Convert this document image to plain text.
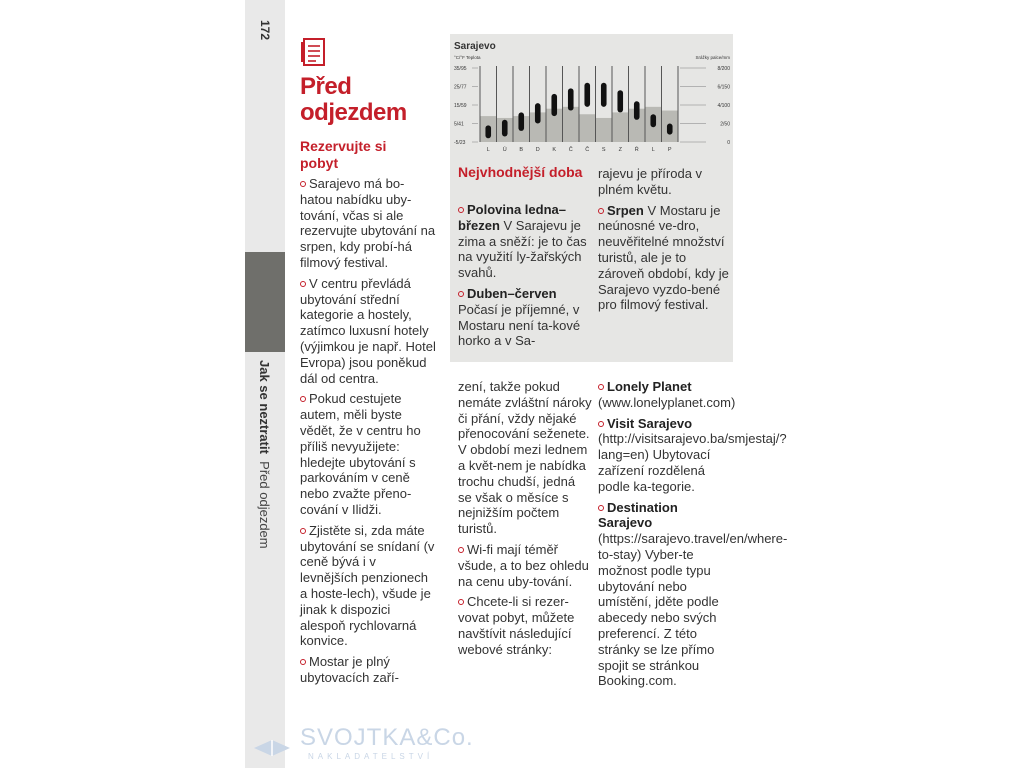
172
Jak se neztratit  Před odjezdem
Před odjezdem
Rezervujte si pobyt

Sarajevo má bo-hatou nabídku uby-tování, včas si ale rezervujte ubytování na srpen, kdy probí-há filmový festival.

V centru převládá ubytování střední kategorie a hostely, zatímco luxusní hotely (výjimkou je např. Hotel Evropa) jsou poněkud dál od centra.

Pokud cestujete autem, měli byste vědět, že v centru ho příliš nevyužijete: hledejte ubytování s parkováním v ceně nebo zvažte přeno-cování v Ilidži.

Zjistěte si, zda máte ubytování se snídaní (v ceně bývá i v levnějších penzionech a hoste-lech), všude je jinak k dispozici alespoň rychlovarná konvice.

Mostar je plný ubytovacích zaří-

Sarajevo
°C/°F Teplota	Srážky palce/mm
35/95
25/77
15/59
5/41
-5/23
8/200
6/150
4/100
2/50
0
L Ú B D K Č Č S Z Ř L P
Nejvhodnější doba

Polovina ledna–březen V Sarajevu je zima a sněží: je to čas na využití ly-žařských svahů.

Duben–červen
Počasí je příjemné, v Mostaru není ta-kové horko a v Sa-

rajevu je příroda v plném květu.

Srpen V Mostaru je neúnosné ve-dro, neuvěřitelné množství turistů, ale je to zároveň období, kdy je Sarajevo vyzdo-bené pro filmový festival.

zení, takže pokud nemáte zvláštní nároky či přání, vždy nějaké přenocování seženete. V období mezi lednem a květ-nem je nabídka trochu chudší, jedná se však o měsíce s nejnižším počtem turistů.

Wi-fi mají téměř všude, a to bez ohledu na cenu uby-tování.

Chcete-li si rezer-vovat pobyt, můžete navštívit následující webové stránky:

Lonely Planet
(www.lonelyplanet.com)

Visit Sarajevo
(http://visitsarajevo.ba/smjestaj/?lang=en) Ubytovací zařízení rozdělená podle ka-tegorie.

Destination Sarajevo (https://sarajevo.travel/en/where-to-stay) Vyber-te možnost podle typu ubytování nebo umístění, jděte podle abecedy nebo svých preferencí. Z této stránky se lze přímo spojit se stránkou Booking.com.

SVOJTKA&Co.
NAKLADATELSTVÍ
